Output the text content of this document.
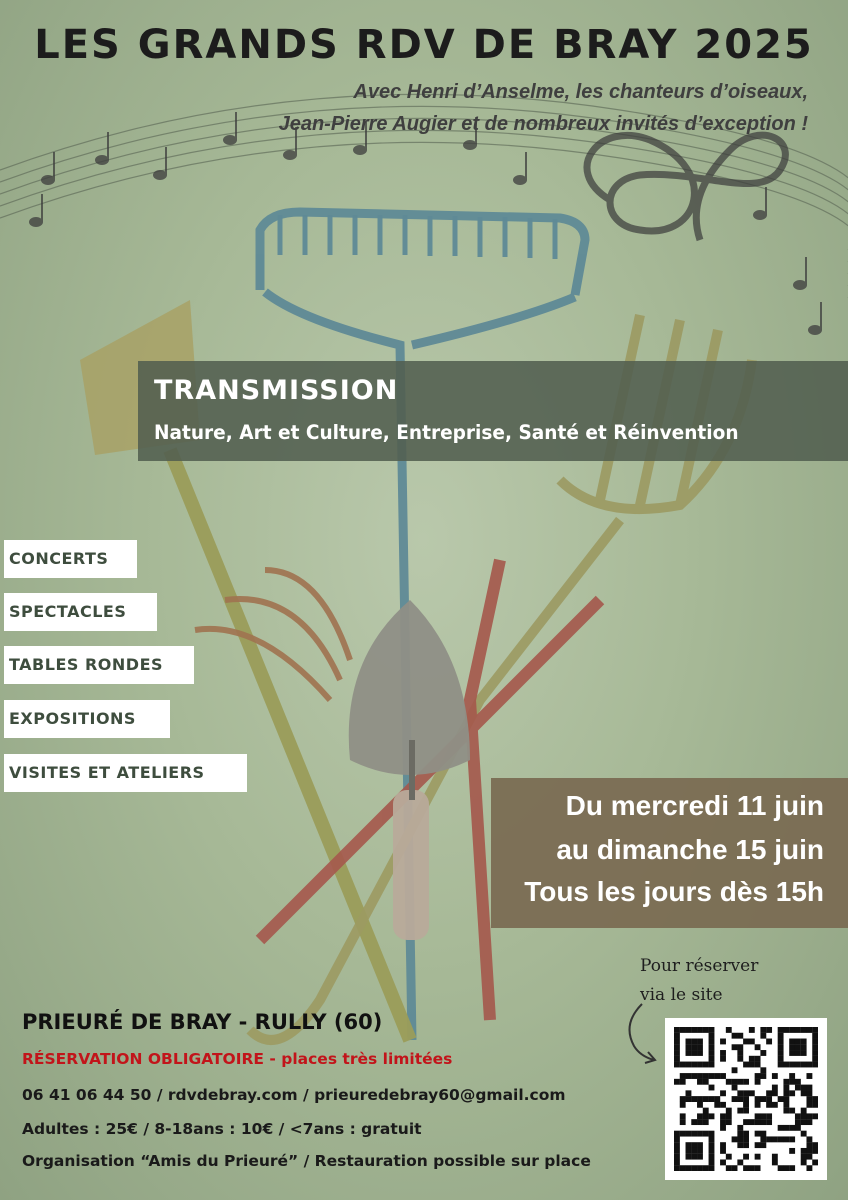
LES GRANDS RDV DE BRAY 2025
Avec Henri d’Anselme, les chanteurs d’oiseaux,
Jean-Pierre Augier et de nombreux invités d’exception !
TRANSMISSION
Nature, Art et Culture, Entreprise, Santé et Réinvention
CONCERTS
SPECTACLES
TABLES RONDES
EXPOSITIONS
VISITES ET ATELIERS
Du mercredi 11 juin
au dimanche 15 juin
Tous les jours dès 15h
PRIEURÉ DE BRAY - RULLY (60)
RÉSERVATION OBLIGATOIRE - places très limitées
06 41 06 44 50 / rdvdebray.com / prieuredebray60@gmail.com
Adultes : 25€ / 8-18ans : 10€ / <7ans : gratuit
Organisation “Amis du Prieuré” / Restauration possible sur place
Pour réserver
via le site
